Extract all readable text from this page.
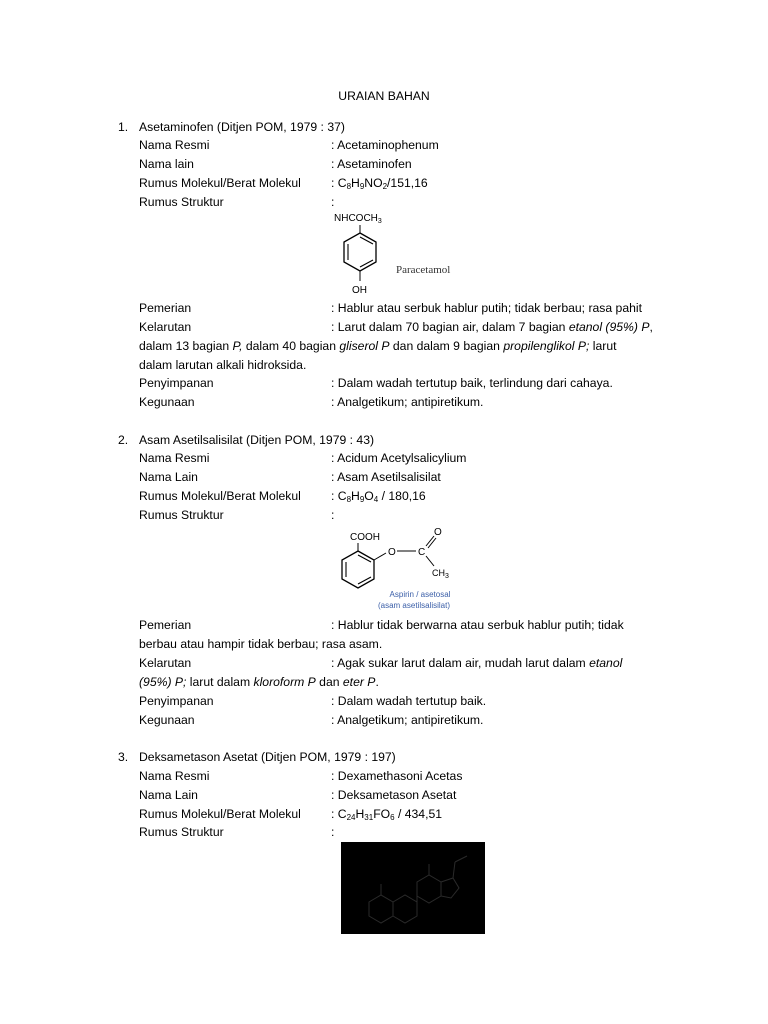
URAIAN BAHAN
1. Asetaminofen (Ditjen POM, 1979 : 37)
Nama Resmi	: Acetaminophenum
Nama lain	: Asetaminofen
Rumus Molekul/Berat Molekul : $C_8H_9NO_2/151,16$
Rumus Struktur	:
$NHCOCH_3$
OH
Paracetamol
Pemerian	: Hablur atau serbuk hablur putih; tidak berbau; rasa pahit
Kelarutan	: Larut dalam 70 bagian air, dalam 7 bagian etanol (95%) P,
dalam 13 bagian P, dalam 40 bagian gliserol P dan dalam 9 bagian propilenglikol P; larut
dalam larutan alkali hidroksida.
Penyimpanan	: Dalam wadah tertutup baik, terlindung dari cahaya.
Kegunaan	: Analgetikum; antipiretikum.
2. Asam Asetilsalisilat (Ditjen POM, 1979 : 43)
Nama Resmi	: Acidum Acetylsalicylium
Nama Lain	: Asam Asetilsalisilat
Rumus Molekul/Berat Molekul : $C_8H_9O_4 / 180,16$
Rumus Struktur	:
COOH
O C
O
$CH_3$
Aspirin / asetosal
(asam asetilsalisilat)
Pemerian	: Hablur tidak berwarna atau serbuk hablur putih; tidak
berbau atau hampir tidak berbau; rasa asam.
Kelarutan	: Agak sukar larut dalam air, mudah larut dalam etanol
(95%) P; larut dalam kloroform P dan eter P.
Penyimpanan	: Dalam wadah tertutup baik.
Kegunaan	: Analgetikum; antipiretikum.
3. Deksametason Asetat (Ditjen POM, 1979 : 197)
Nama Resmi	: Dexamethasoni Acetas
Nama Lain	: Deksametason Asetat
Rumus Molekul/Berat Molekul : $C_{24}H_{31}FO_6 / 434,51$
Rumus Struktur	:
